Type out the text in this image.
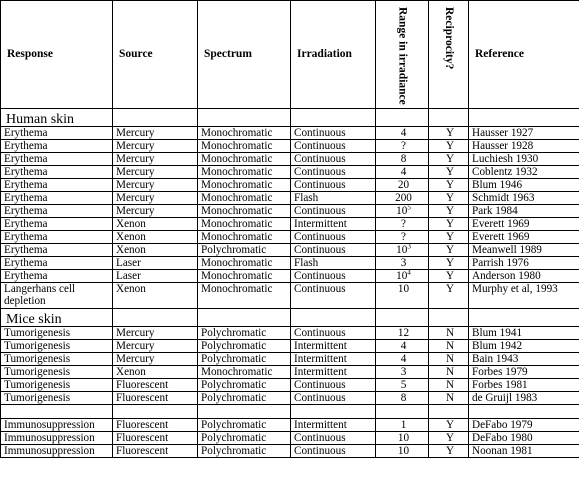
Response	Source	Spectrum	Irradiation	Range in irradiance	Reciprocity?	Reference
Human skin						
Erythema	Mercury	Monochromatic	Continuous	4	Y	Hausser 1927
Erythema	Mercury	Monochromatic	Continuous	?	Y	Hausser 1928
Erythema	Mercury	Monochromatic	Continuous	8	Y	Luchiesh 1930
Erythema	Mercury	Monochromatic	Continuous	4	Y	Coblentz 1932
Erythema	Mercury	Monochromatic	Continuous	20	Y	Blum 1946
Erythema	Mercury	Monochromatic	Flash	200	Y	Schmidt 1963
Erythema	Mercury	Monochromatic	Continuous	$10^5$	Y	Park 1984
Erythema	Xenon	Monochromatic	Intermittent	?	Y	Everett 1969
Erythema	Xenon	Monochromatic	Continuous	?	Y	Everett 1969
Erythema	Xenon	Polychromatic	Continuous	$10^3$	Y	Meanwell 1989
Erythema	Laser	Monochromatic	Flash	3	Y	Parrish 1976
Erythema	Laser	Monochromatic	Continuous	$10^4$	Y	Anderson 1980
Langerhans cell depletion	Xenon	Monochromatic	Continuous	10	Y	Murphy et al, 1993
Mice skin						
Tumorigenesis	Mercury	Polychromatic	Continuous	12	N	Blum 1941
Tumorigenesis	Mercury	Polychromatic	Intermittent	4	N	Blum 1942
Tumorigenesis	Mercury	Polychromatic	Intermittent	4	N	Bain 1943
Tumorigenesis	Xenon	Monochromatic	Intermittent	3	N	Forbes 1979
Tumorigenesis	Fluorescent	Polychromatic	Continuous	5	N	Forbes 1981
Tumorigenesis	Fluorescent	Polychromatic	Continuous	8	N	de Gruijl 1983

Immunosuppression	Fluorescent	Polychromatic	Intermittent	1	Y	DeFabo 1979
Immunosuppression	Fluorescent	Polychromatic	Continuous	10	Y	DeFabo 1980
Immunosuppression	Fluorescent	Polychromatic	Continuous	10	Y	Noonan 1981
